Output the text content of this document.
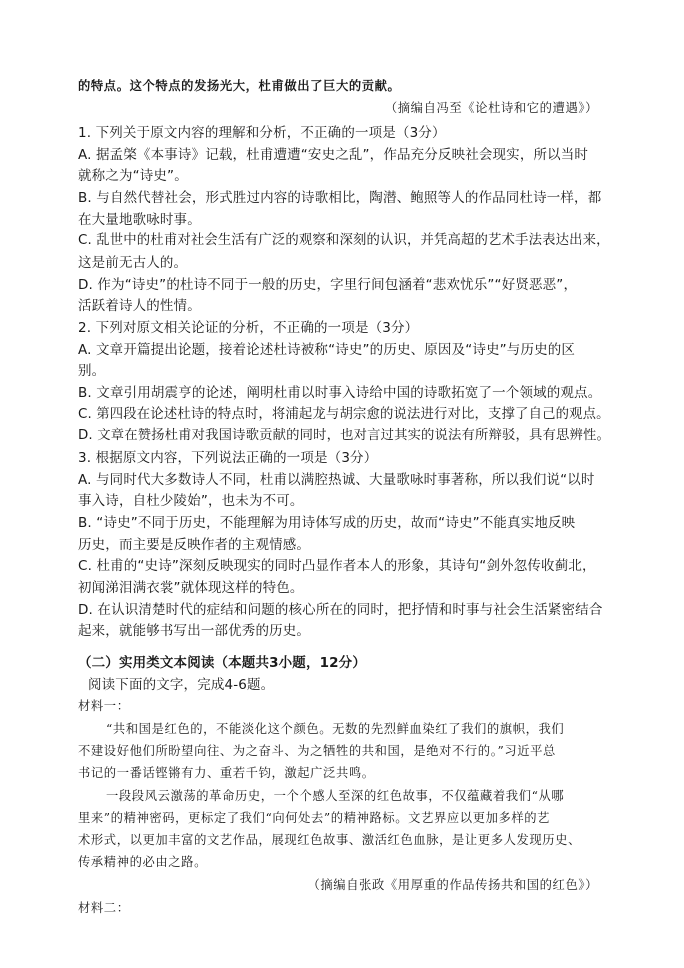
的特点。这个特点的发扬光大，杜甫做出了巨大的贡献。

（摘编自冯至《论杜诗和它的遭遇》）

1. 下列关于原文内容的理解和分析，不正确的一项是（3分）

A. 据孟棨《本事诗》记载，杜甫遭遭“安史之乱”，作品充分反映社会现实，所以当时

就称之为“诗史”。

B. 与自然代替社会，形式胜过内容的诗歌相比，陶潜、鲍照等人的作品同杜诗一样，都

在大量地歌咏时事。

C. 乱世中的杜甫对社会生活有广泛的观察和深刻的认识，并凭高超的艺术手法表达出来，

这是前无古人的。

D. 作为“诗史”的杜诗不同于一般的历史，字里行间包涵着“悲欢忧乐”“好贤恶恶”，

活跃着诗人的性情。

2. 下列对原文相关论证的分析，不正确的一项是（3分）

A. 文章开篇提出论题，接着论述杜诗被称“诗史”的历史、原因及“诗史”与历史的区

别。

B. 文章引用胡震亨的论述，阐明杜甫以时事入诗给中国的诗歌拓宽了一个领域的观点。

C. 第四段在论述杜诗的特点时，将浦起龙与胡宗愈的说法进行对比，支撑了自己的观点。

D. 文章在赞扬杜甫对我国诗歌贡献的同时，也对言过其实的说法有所辩驳，具有思辨性。

3. 根据原文内容，下列说法正确的一项是（3分）

A. 与同时代大多数诗人不同，杜甫以满腔热诚、大量歌咏时事著称，所以我们说“以时

事入诗，自杜少陵始”，也未为不可。

B. “诗史”不同于历史，不能理解为用诗体写成的历史，故而“诗史”不能真实地反映

历史，而主要是反映作者的主观情感。

C. 杜甫的“史诗”深刻反映现实的同时凸显作者本人的形象，其诗句“剑外忽传收蓟北，

初闻涕泪满衣裳”就体现这样的特色。

D. 在认识清楚时代的症结和问题的核心所在的同时，把抒情和时事与社会生活紧密结合

起来，就能够书写出一部优秀的历史。

（二）实用类文本阅读（本题共3小题，12分）

阅读下面的文字，完成4-6题。

材料一：

“共和国是红色的，不能淡化这个颜色。无数的先烈鲜血染红了我们的旗帜，我们

不建设好他们所盼望向往、为之奋斗、为之牺牲的共和国，是绝对不行的。”习近平总

书记的一番话铿锵有力、重若千钧，激起广泛共鸣。

一段段风云激荡的革命历史，一个个感人至深的红色故事，不仅蕴藏着我们“从哪

里来”的精神密码，更标定了我们“向何处去”的精神路标。文艺界应以更加多样的艺

术形式，以更加丰富的文艺作品，展现红色故事、激活红色血脉，是让更多人发现历史、

传承精神的必由之路。

（摘编自张政《用厚重的作品传扬共和国的红色》）

材料二：
